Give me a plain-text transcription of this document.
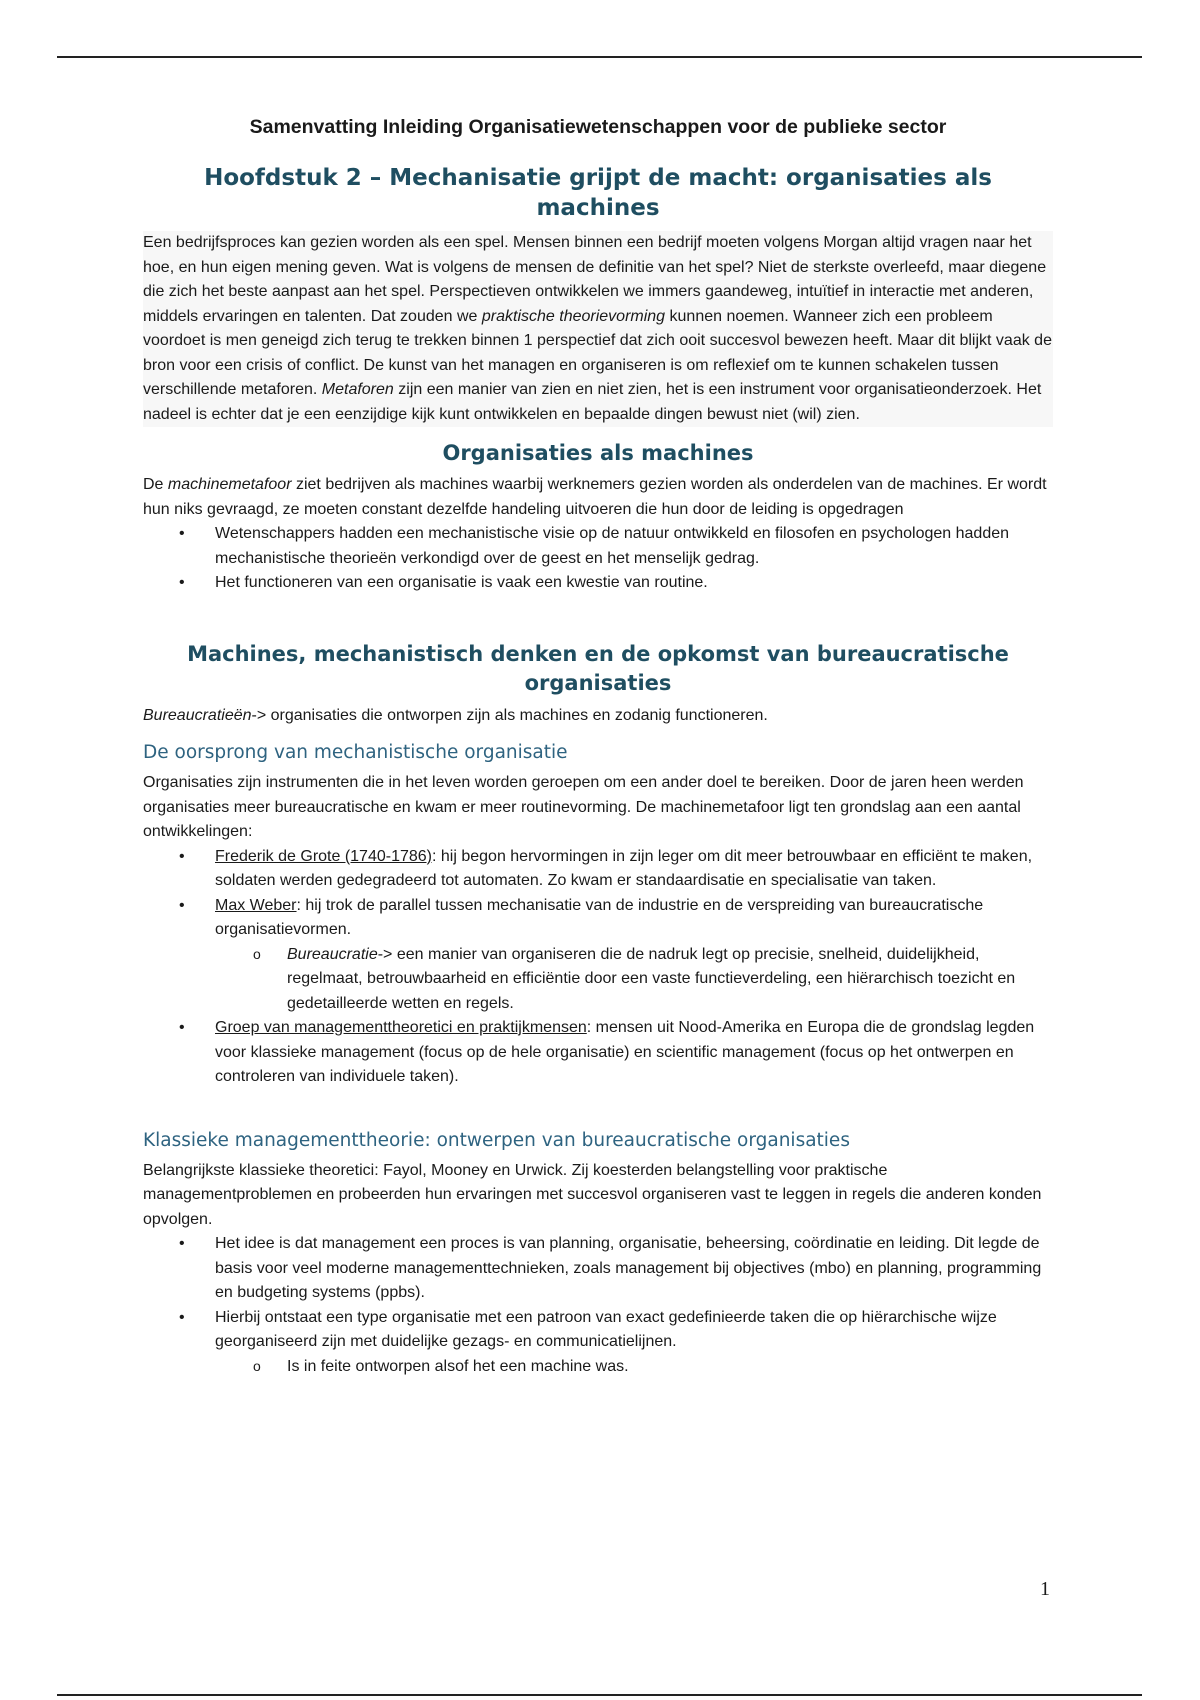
Samenvatting Inleiding Organisatiewetenschappen voor de publieke sector
Hoofdstuk 2 – Mechanisatie grijpt de macht: organisaties als machines

Een bedrijfsproces kan gezien worden als een spel. Mensen binnen een bedrijf moeten volgens Morgan altijd vragen naar het hoe, en hun eigen mening geven. Wat is volgens de mensen de definitie van het spel? Niet de sterkste overleefd, maar diegene die zich het beste aanpast aan het spel. Perspectieven ontwikkelen we immers gaandeweg, intuïtief in interactie met anderen, middels ervaringen en talenten. Dat zouden we praktische theorievorming kunnen noemen. Wanneer zich een probleem voordoet is men geneigd zich terug te trekken binnen 1 perspectief dat zich ooit succesvol bewezen heeft. Maar dit blijkt vaak de bron voor een crisis of conflict. De kunst van het managen en organiseren is om reflexief om te kunnen schakelen tussen verschillende metaforen. Metaforen zijn een manier van zien en niet zien, het is een instrument voor organisatieonderzoek. Het nadeel is echter dat je een eenzijdige kijk kunt ontwikkelen en bepaalde dingen bewust niet (wil) zien.

Organisaties als machines

De machinemetafoor ziet bedrijven als machines waarbij werknemers gezien worden als onderdelen van de machines. Er wordt hun niks gevraagd, ze moeten constant dezelfde handeling uitvoeren die hun door de leiding is opgedragen

• Wetenschappers hadden een mechanistische visie op de natuur ontwikkeld en filosofen en psychologen hadden mechanistische theorieën verkondigd over de geest en het menselijk gedrag.
• Het functioneren van een organisatie is vaak een kwestie van routine.
Machines, mechanistisch denken en de opkomst van bureaucratische organisaties

Bureaucratieën-> organisaties die ontworpen zijn als machines en zodanig functioneren.

De oorsprong van mechanistische organisatie

Organisaties zijn instrumenten die in het leven worden geroepen om een ander doel te bereiken. Door de jaren heen werden organisaties meer bureaucratische en kwam er meer routinevorming. De machinemetafoor ligt ten grondslag aan een aantal ontwikkelingen:

• Frederik de Grote (1740-1786): hij begon hervormingen in zijn leger om dit meer betrouwbaar en efficiënt te maken, soldaten werden gedegradeerd tot automaten. Zo kwam er standaardisatie en specialisatie van taken.
• Max Weber: hij trok de parallel tussen mechanisatie van de industrie en de verspreiding van bureaucratische organisatievormen.
o Bureaucratie-> een manier van organiseren die de nadruk legt op precisie, snelheid, duidelijkheid, regelmaat, betrouwbaarheid en efficiëntie door een vaste functieverdeling, een hiërarchisch toezicht en gedetailleerde wetten en regels.
• Groep van managementtheoretici en praktijkmensen: mensen uit Nood-Amerika en Europa die de grondslag legden voor klassieke management (focus op de hele organisatie) en scientific management (focus op het ontwerpen en controleren van individuele taken).
Klassieke managementtheorie: ontwerpen van bureaucratische organisaties

Belangrijkste klassieke theoretici: Fayol, Mooney en Urwick. Zij koesterden belangstelling voor praktische managementproblemen en probeerden hun ervaringen met succesvol organiseren vast te leggen in regels die anderen konden opvolgen.

• Het idee is dat management een proces is van planning, organisatie, beheersing, coördinatie en leiding. Dit legde de basis voor veel moderne managementtechnieken, zoals management bij objectives (mbo) en planning, programming en budgeting systems (ppbs).
• Hierbij ontstaat een type organisatie met een patroon van exact gedefinieerde taken die op hiërarchische wijze georganiseerd zijn met duidelijke gezags- en communicatielijnen.
o Is in feite ontworpen alsof het een machine was.
1
